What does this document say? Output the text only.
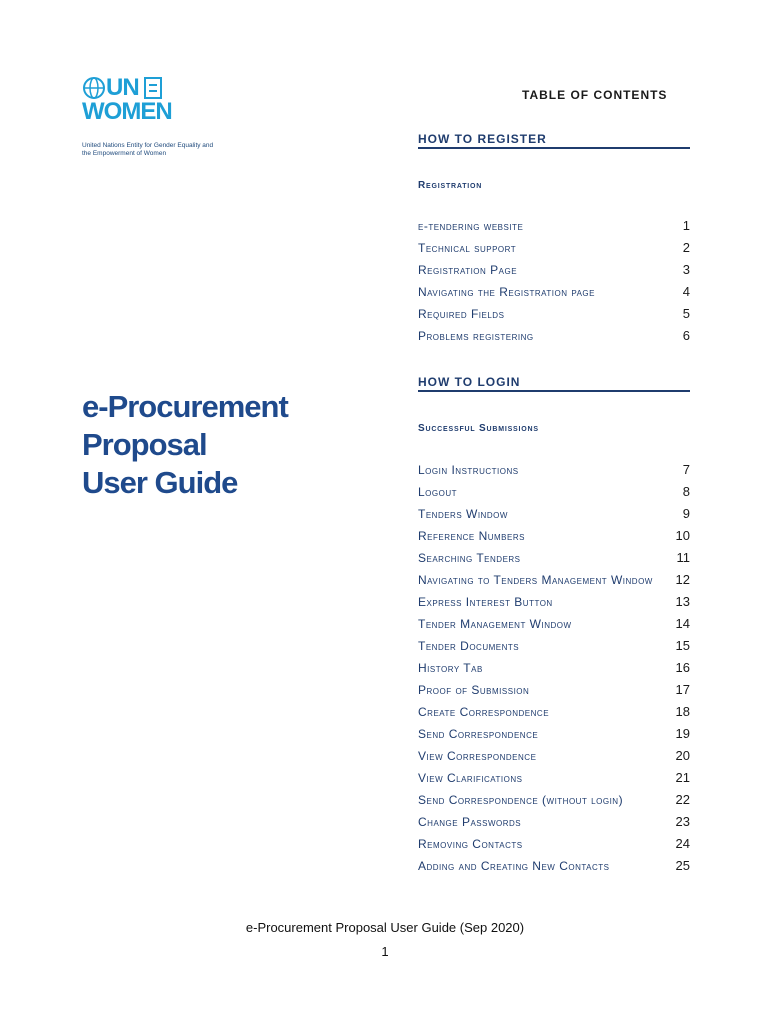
UN
WOMEN
United Nations Entity for Gender Equality and the Empowerment of Women
e-Procurement Proposal
User Guide
TABLE OF CONTENTS
HOW TO REGISTER
Registration
e-tendering website	1
Technical support	2
Registration Page	3
Navigating the Registration page	4
Required Fields	5
Problems registering	6
HOW TO LOGIN
Successful Submissions
Login Instructions	7
Logout	8
Tenders Window	9
Reference Numbers	10
Searching Tenders	11
Navigating to Tenders Management Window 12
Express Interest Button	13
Tender Management Window	14
Tender Documents	15
History Tab	16
Proof of Submission	17
Create Correspondence	18
Send Correspondence	19
View Correspondence	20
View Clarifications	21
Send Correspondence (without login)	22
Change Passwords	23
Removing Contacts	24
Adding and Creating New Contacts	25
e-Procurement Proposal User Guide (Sep 2020)
1
